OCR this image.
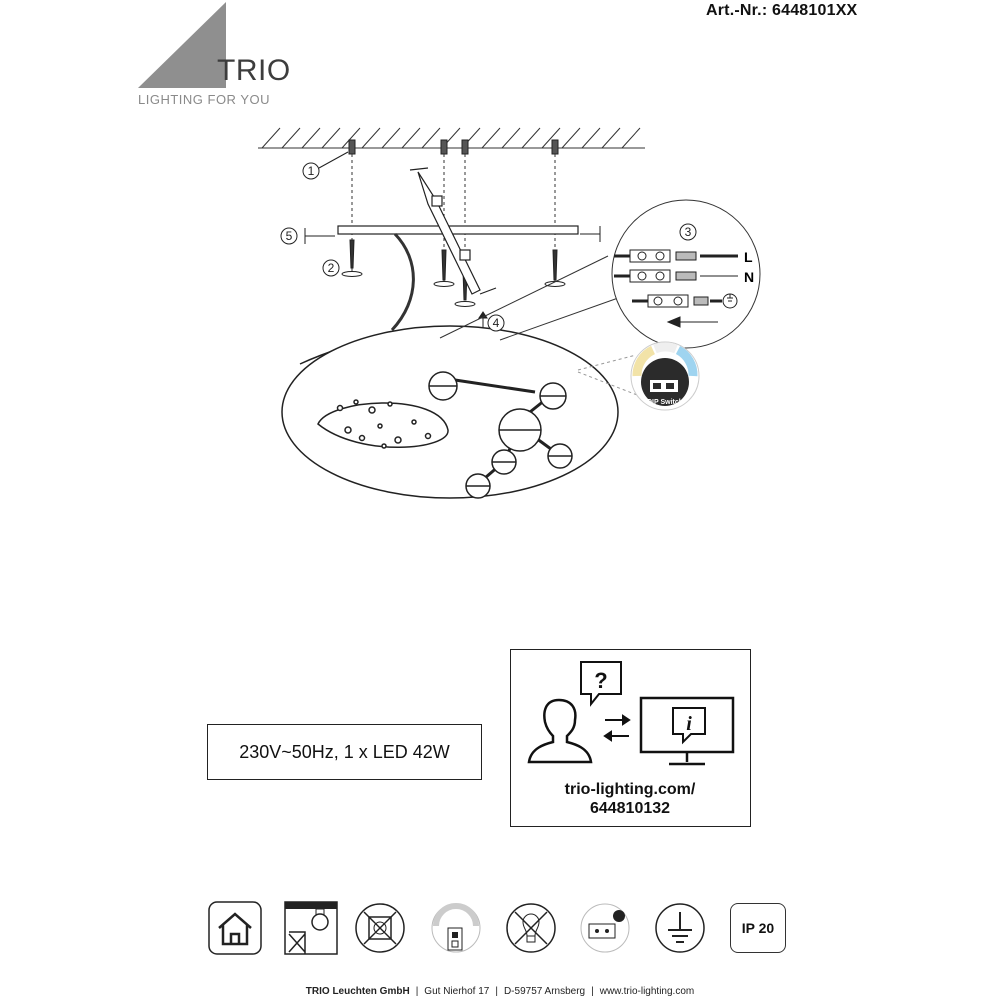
Art.-Nr.: 6448101XX
TRIO
LIGHTING FOR YOU
L
N
DIP Switch
1
5
2
3
4
230V~50Hz, 1 x LED 42W
?
i
trio-lighting.com/
644810132
IP 20
TRIO Leuchten GmbH | Gut Nierhof 17 | D-59757 Arnsberg | www.trio-lighting.com
